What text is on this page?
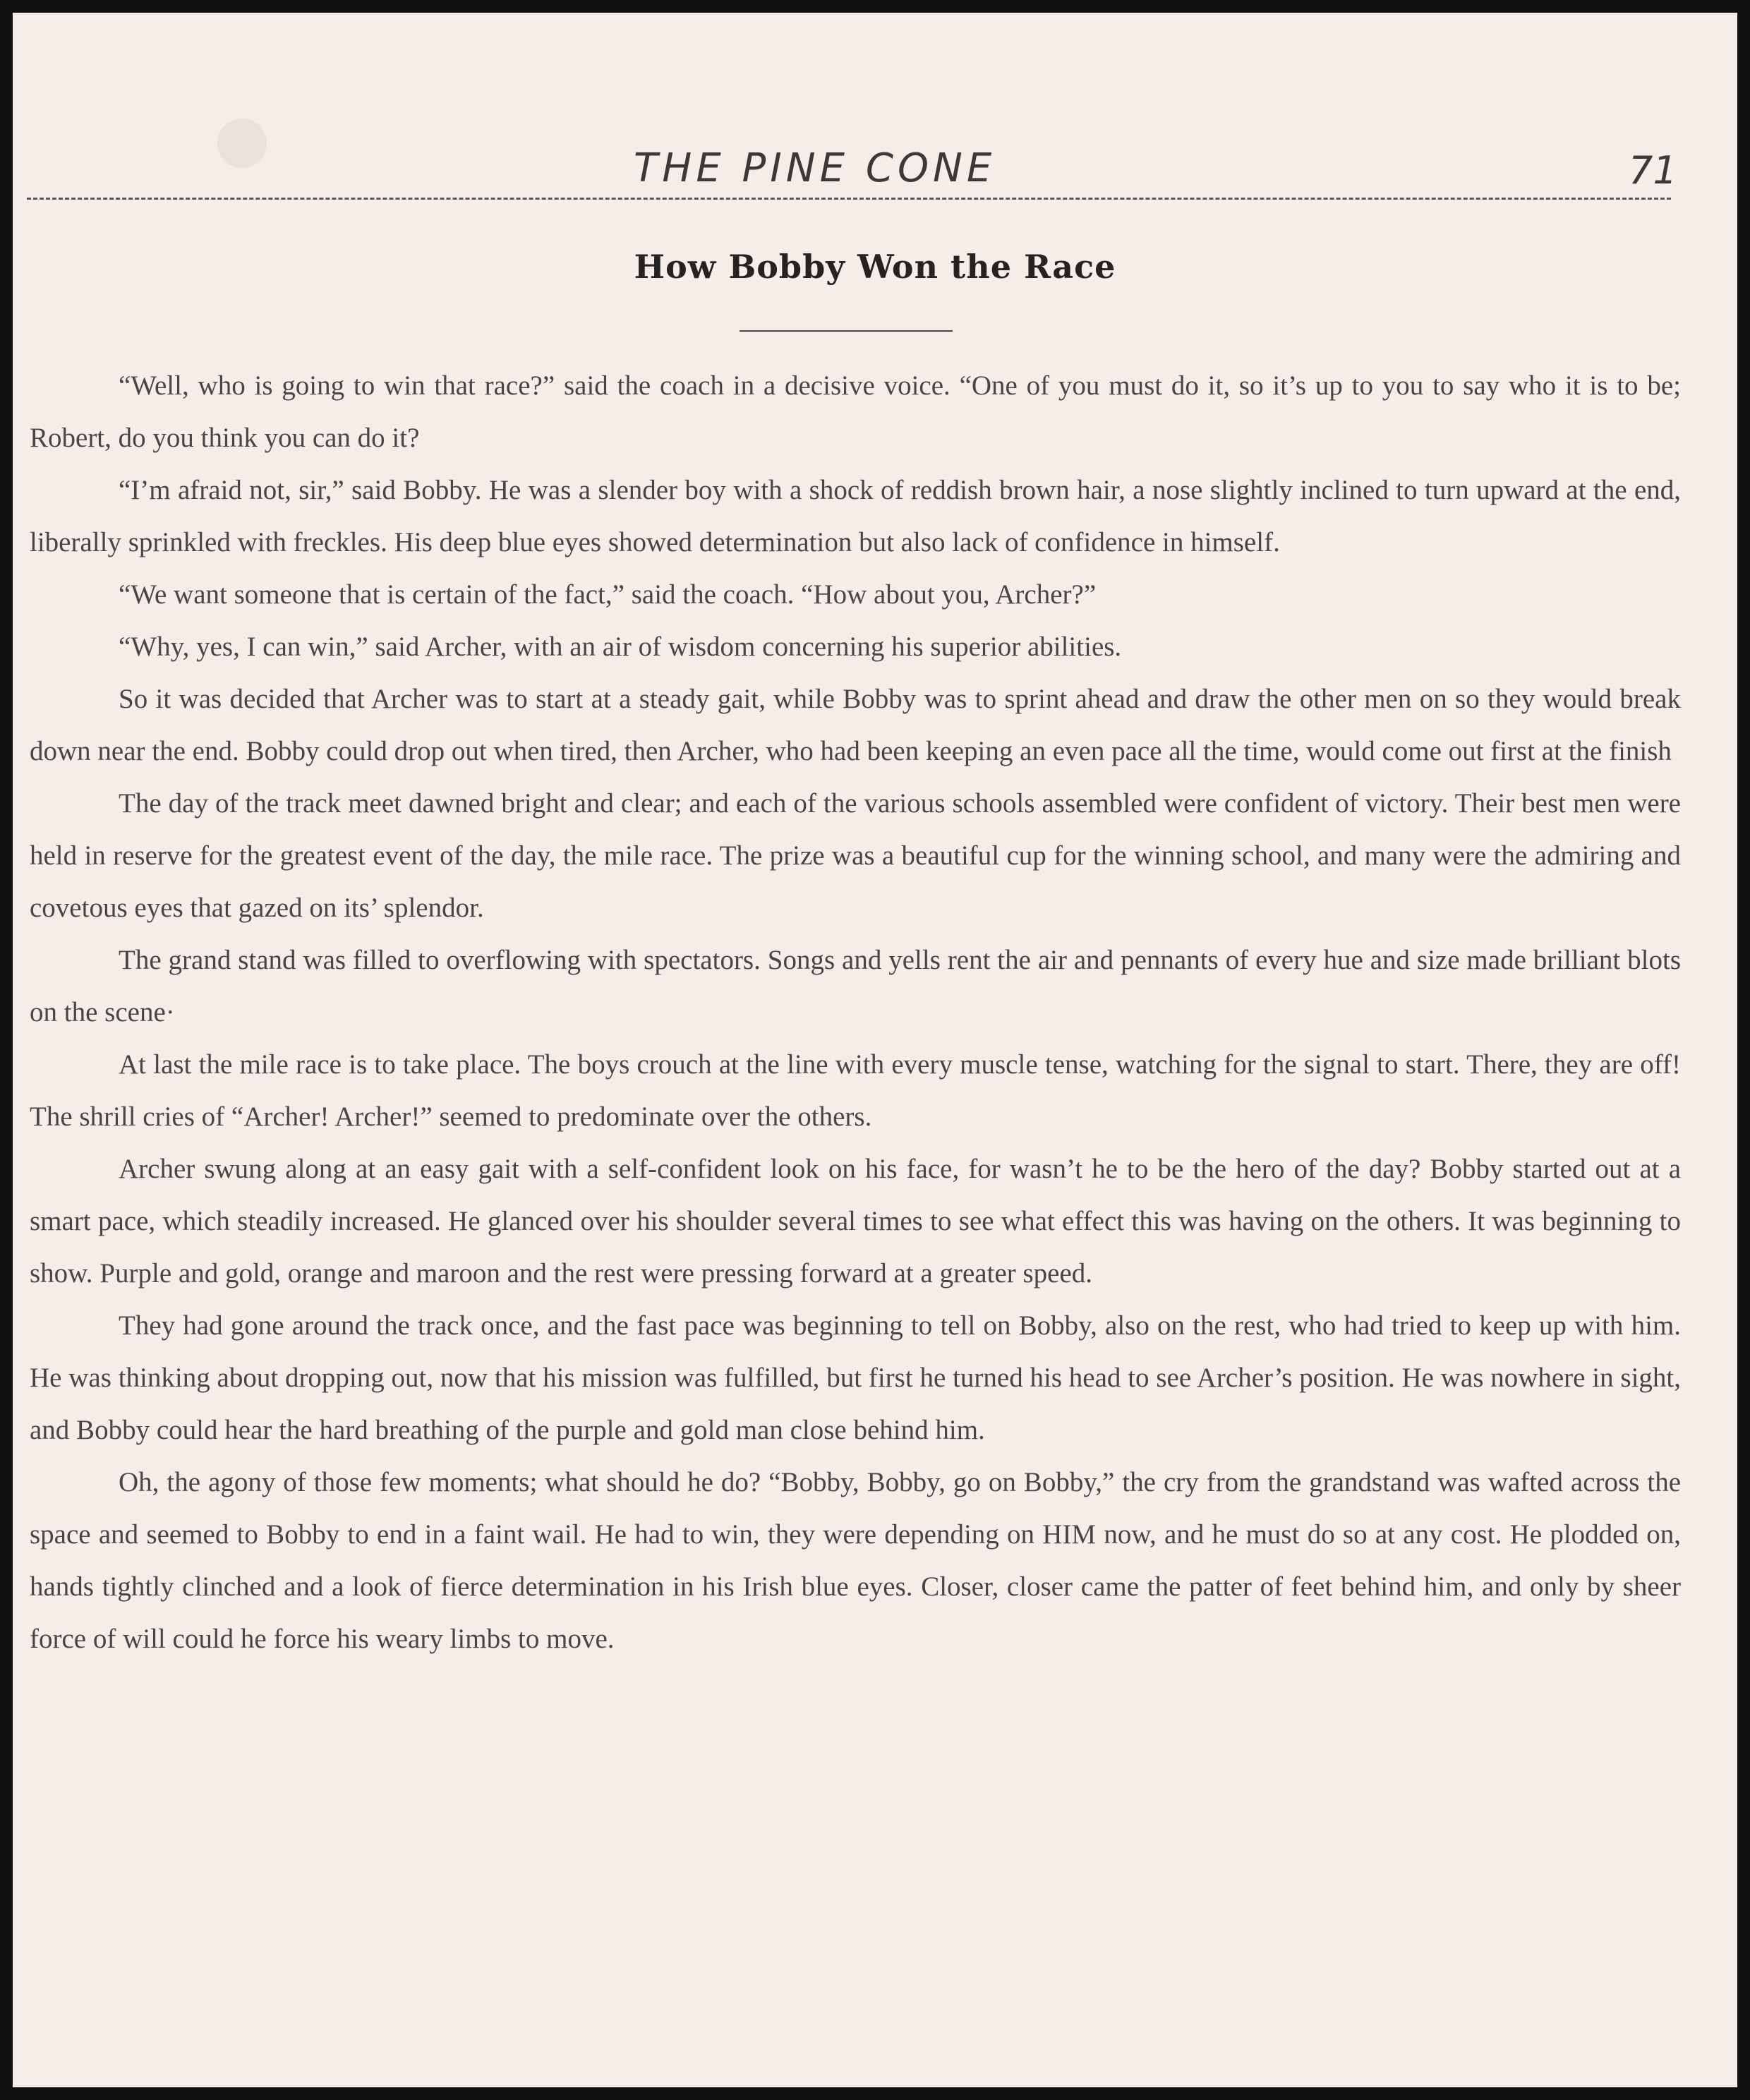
THE PINE CONE	71
How Bobby Won the Race

“Well, who is going to win that race?” said the coach in a decisive voice. “One of you must do it, so it’s up to you to say who it is to be; Robert, do you think you can do it?

“I’m afraid not, sir,” said Bobby. He was a slender boy with a shock of reddish brown hair, a nose slightly inclined to turn upward at the end, liberally sprinkled with freckles. His deep blue eyes showed determination but also lack of confidence in himself.

“We want someone that is certain of the fact,” said the coach. “How about you, Archer?”

“Why, yes, I can win,” said Archer, with an air of wisdom concerning his superior abilities.

So it was decided that Archer was to start at a steady gait, while Bobby was to sprint ahead and draw the other men on so they would break down near the end. Bobby could drop out when tired, then Archer, who had been keeping an even pace all the time, would come out first at the finish

The day of the track meet dawned bright and clear; and each of the various schools assembled were confident of victory. Their best men were held in reserve for the greatest event of the day, the mile race. The prize was a beautiful cup for the winning school, and many were the admiring and covetous eyes that gazed on its’ splendor.

The grand stand was filled to overflowing with spectators. Songs and yells rent the air and pennants of every hue and size made brilliant blots on the scene·

At last the mile race is to take place. The boys crouch at the line with every muscle tense, watching for the signal to start. There, they are off! The shrill cries of “Archer! Archer!” seemed to predominate over the others.

Archer swung along at an easy gait with a self-confident look on his face, for wasn’t he to be the hero of the day? Bobby started out at a smart pace, which steadily increased. He glanced over his shoulder several times to see what effect this was having on the others. It was beginning to show. Purple and gold, orange and maroon and the rest were pressing forward at a greater speed.

They had gone around the track once, and the fast pace was beginning to tell on Bobby, also on the rest, who had tried to keep up with him. He was thinking about dropping out, now that his mission was fulfilled, but first he turned his head to see Archer’s position. He was nowhere in sight, and Bobby could hear the hard breathing of the purple and gold man close behind him.

Oh, the agony of those few moments; what should he do? “Bobby, Bobby, go on Bobby,” the cry from the grandstand was wafted across the space and seemed to Bobby to end in a faint wail. He had to win, they were depending on HIM now, and he must do so at any cost. He plodded on, hands tightly clinched and a look of fierce determination in his Irish blue eyes. Closer, closer came the patter of feet behind him, and only by sheer force of will could he force his weary limbs to move.
